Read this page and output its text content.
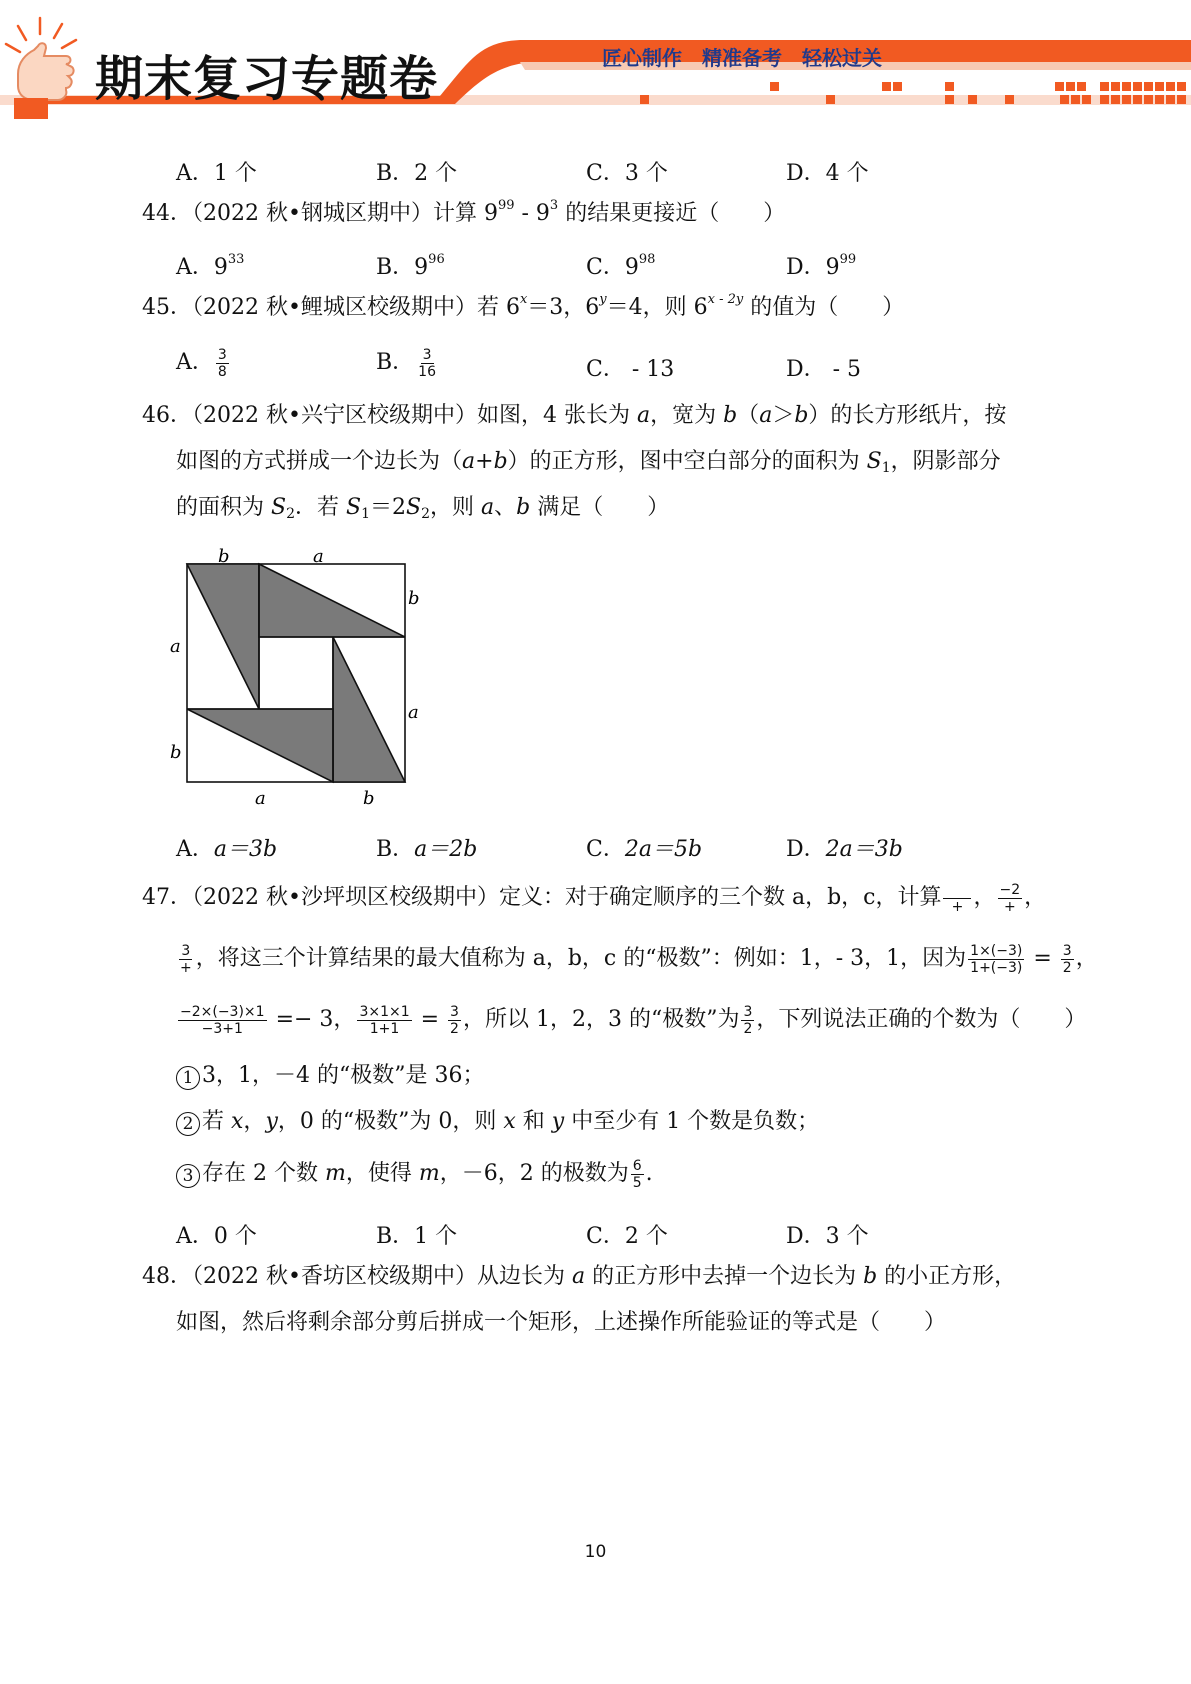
期末复习专题卷	匠心制作 精准备考 轻松过关
A．1 个	B．2 个	C．3 个	D．4 个
44．（2022 秋•钢城区期中）计算 $9^{99} - 9^3$ 的结果更接近（　　）
A．$9^{33}$	B．$9^{96}$	C．$9^{98}$	D．$9^{99}$
45．（2022 秋•鲤城区校级期中）若 $6^x=3$，$6^y=4$，则 $6^{x - 2y}$ 的值为（　　）
A． $\frac{3}{8}$	B． $\frac{3}{16}$	C． - 13	D． - 5
46．（2022 秋•兴宁区校级期中）如图，4 张长为 a，宽为 b（a＞b）的长方形纸片，按
如图的方式拼成一个边长为（a+b）的正方形，图中空白部分的面积为 $S_1$，阴影部分
的面积为 $S_2$．若 $S_1=2S_2$，则 a、b 满足（　　）
b	a
b
a
a
b
a	b
A．a＝3b	B．a＝2b	C．2a＝5b	D．2a＝3b
47．（2022 秋•沙坪坝区校级期中）定义：对于确定顺序的三个数 a，b，c，计算 + ， $\frac{-2}{+}$ ，
$\frac{3}{+}$ ，将这三个计算结果的最大值称为 a，b，c 的“极数”：例如：1，- 3，1，因为 $\frac{1\times(-3)}{1+(-3)} = \frac{3}{2}$ ，
$\frac{-2\times(-3)\times 1}{-3+1} =- 3$， $\frac{3\times 1\times 1}{1+1} = \frac{3}{2}$ ，所以 1，2，3 的“极数”为 $\frac{3}{2}$ ，下列说法正确的个数为（　　）
1 3，1，－4 的“极数”是 36；
2 若 x，y，0 的“极数”为 0，则 x 和 y 中至少有 1 个数是负数；
3 存在 2 个数 m，使得 m，－6，2 的极数为 $\frac{6}{5}$ .
A．0 个	B．1 个	C．2 个	D．3 个
48．（2022 秋•香坊区校级期中）从边长为 a 的正方形中去掉一个边长为 b 的小正方形，
如图，然后将剩余部分剪后拼成一个矩形，上述操作所能验证的等式是（　　）
10
